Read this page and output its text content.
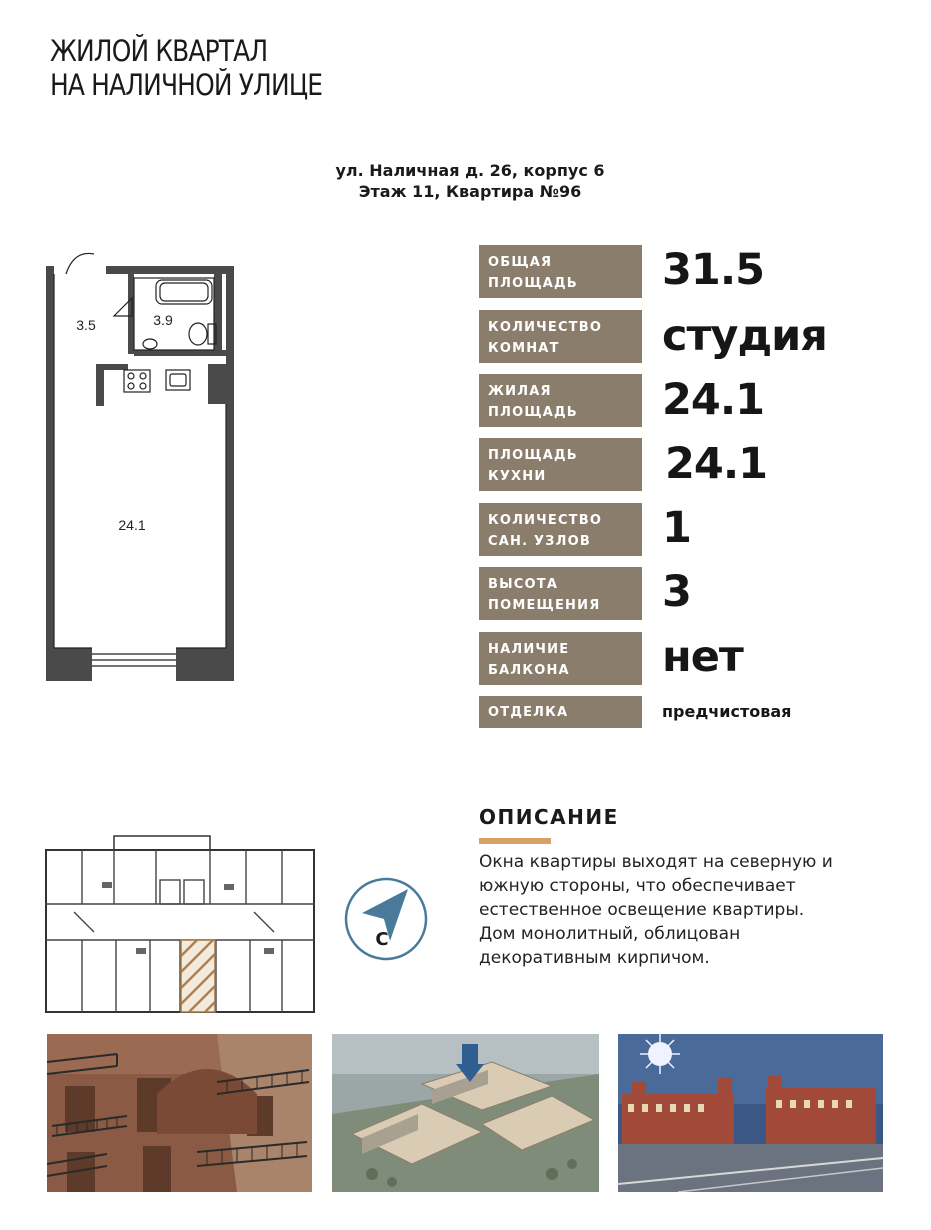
ЖИЛОЙ КВАРТАЛ
НА НАЛИЧНОЙ УЛИЦЕ
ул. Наличная д. 26, корпус 6
Этаж 11, Квартира №96
3.5	3.9
24.1
ОБЩАЯ
ПЛОЩАДЬ	31.5
КОЛИЧЕСТВО
КОМНАТ	студия
ЖИЛАЯ
ПЛОЩАДЬ	24.1
ПЛОЩАДЬ
КУХНИ	24.1
КОЛИЧЕСТВО
САН. УЗЛОВ	1
ВЫСОТА
ПОМЕЩЕНИЯ	3
НАЛИЧИЕ
БАЛКОНА	нет
ОТДЕЛКА	предчистовая
ОПИСАНИЕ
Окна квартиры выходят на северную и
южную стороны, что обеспечивает
естественное освещение квартиры.
Дом монолитный, облицован
декоративным кирпичом.
С
